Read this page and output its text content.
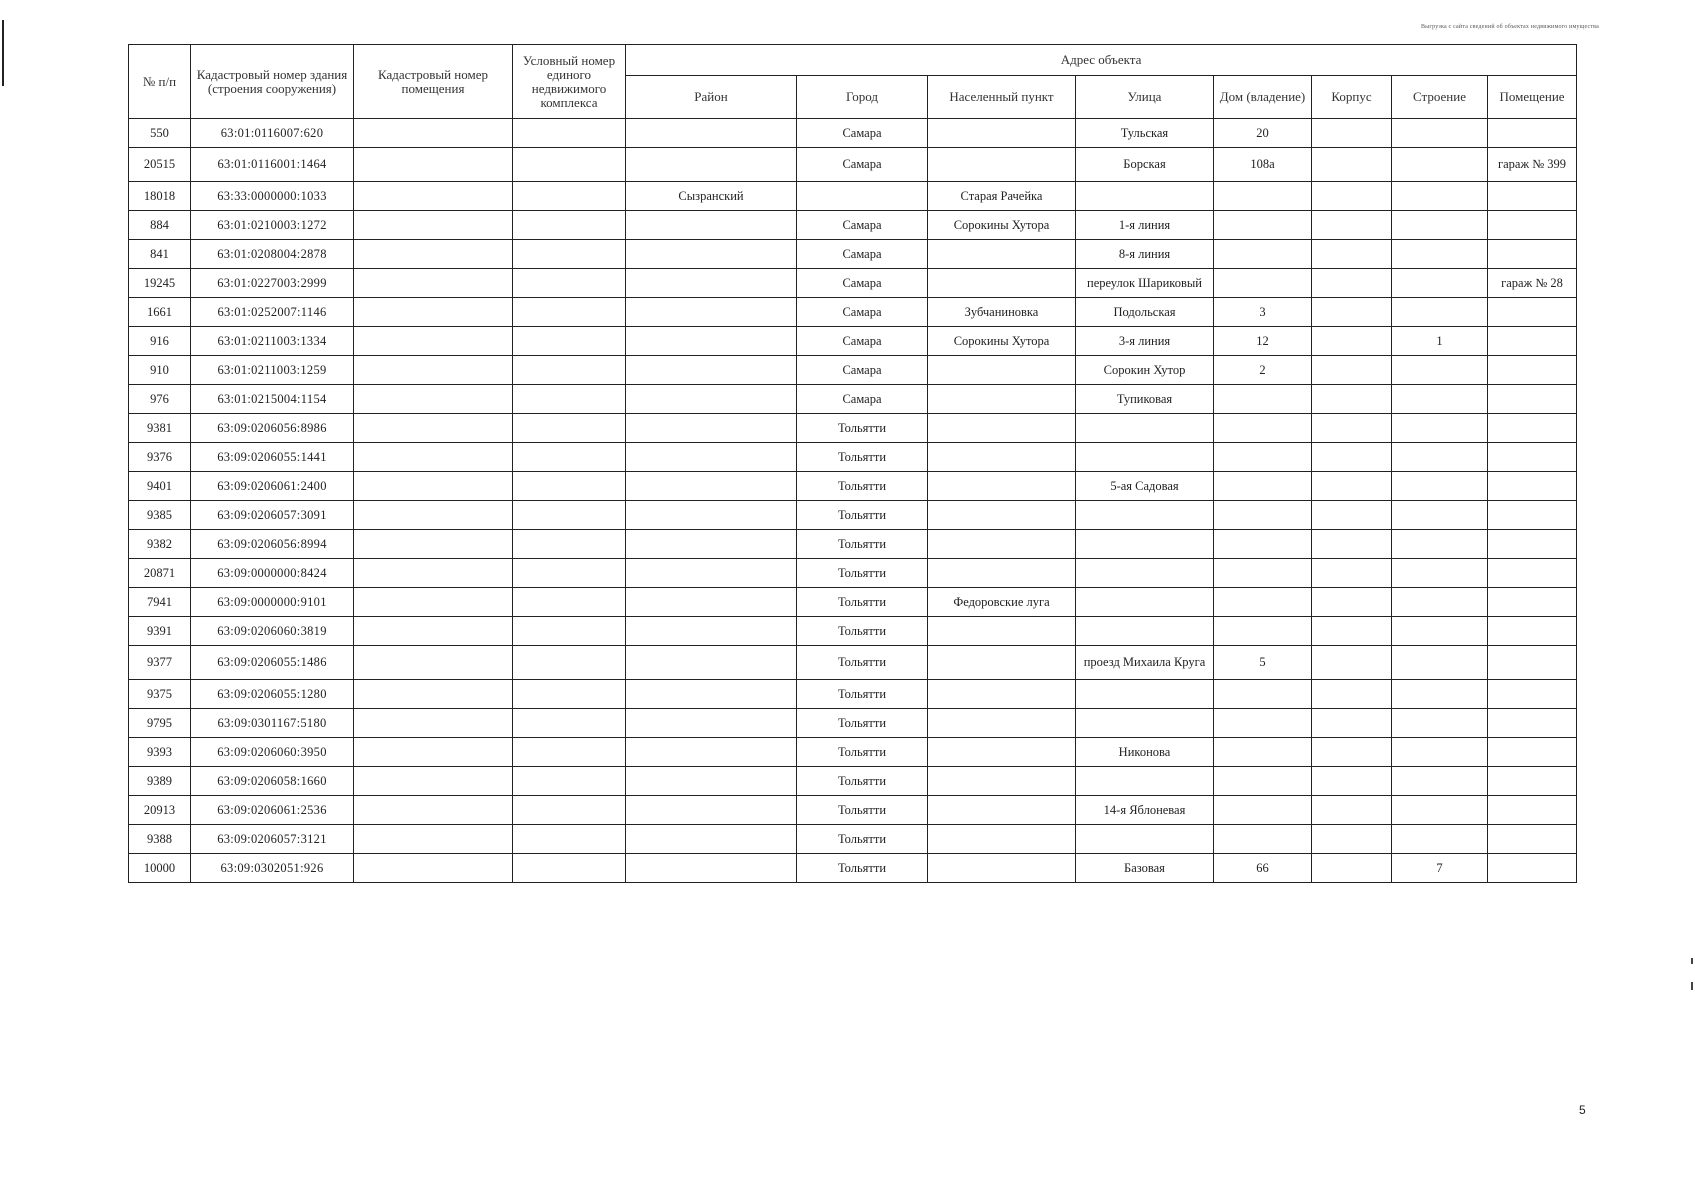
Выгрузка с сайта сведений об объектах недвижимого имущества
№ п/п	Кадастровый номер здания (строения сооружения)	Кадастровый номер помещения	Условный номер единого недвижимого комплекса	Адрес объекта							
				Район	Город	Населенный пункт	Улица	Дом (владение)	Корпус	Строение	Помещение
550	63:01:0116007:620				Самара		Тульская	20			
20515	63:01:0116001:1464				Самара		Борская	108а			гараж № 399
18018	63:33:0000000:1033			Сызранский		Старая Рачейка					
884	63:01:0210003:1272				Самара	Сорокины Хутора	1-я линия				
841	63:01:0208004:2878				Самара		8-я линия				
19245	63:01:0227003:2999				Самара		переулок Шариковый				гараж № 28
1661	63:01:0252007:1146				Самара	Зубчаниновка	Подольская	3			
916	63:01:0211003:1334				Самара	Сорокины Хутора	3-я линия	12		1	
910	63:01:0211003:1259				Самара		Сорокин Хутор	2			
976	63:01:0215004:1154				Самара		Тупиковая				
9381	63:09:0206056:8986				Тольятти						
9376	63:09:0206055:1441				Тольятти						
9401	63:09:0206061:2400				Тольятти		5-ая Садовая				
9385	63:09:0206057:3091				Тольятти						
9382	63:09:0206056:8994				Тольятти						
20871	63:09:0000000:8424				Тольятти						
7941	63:09:0000000:9101				Тольятти	Федоровские луга					
9391	63:09:0206060:3819				Тольятти						
9377	63:09:0206055:1486				Тольятти		проезд Михаила Круга	5			
9375	63:09:0206055:1280				Тольятти						
9795	63:09:0301167:5180				Тольятти						
9393	63:09:0206060:3950				Тольятти		Никонова				
9389	63:09:0206058:1660				Тольятти						
20913	63:09:0206061:2536				Тольятти		14-я Яблоневая				
9388	63:09:0206057:3121				Тольятти						
10000	63:09:0302051:926				Тольятти		Базовая	66		7	
5
